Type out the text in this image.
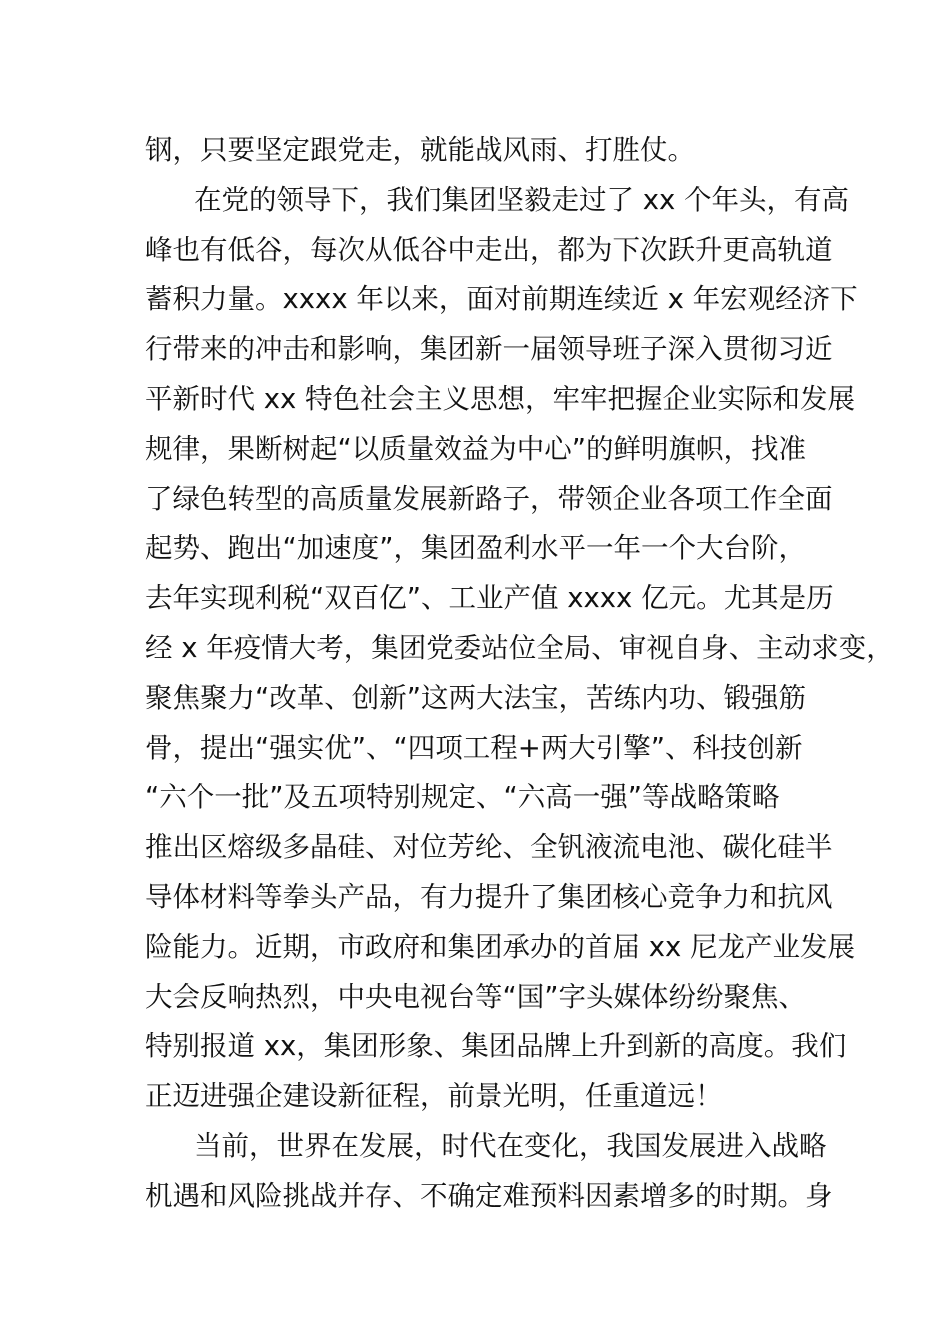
钢，只要坚定跟党走，就能战风雨、打胜仗。
在党的领导下，我们集团坚毅走过了 xx 个年头，有高
峰也有低谷，每次从低谷中走出，都为下次跃升更高轨道
蓄积力量。xxxx 年以来，面对前期连续近 x 年宏观经济下
行带来的冲击和影响，集团新一届领导班子深入贯彻习近
平新时代 xx 特色社会主义思想，牢牢把握企业实际和发展
规律，果断树起“以质量效益为中心”的鲜明旗帜，找准
了绿色转型的高质量发展新路子，带领企业各项工作全面
起势、跑出“加速度”，集团盈利水平一年一个大台阶，
去年实现利税“双百亿”、工业产值 xxxx 亿元。尤其是历
经 x 年疫情大考，集团党委站位全局、审视自身、主动求变，
聚焦聚力“改革、创新”这两大法宝，苦练内功、锻强筋
骨，提出“强实优”、“四项工程+两大引擎”、科技创新
“六个一批”及五项特别规定、“六高一强”等战略策略
推出区熔级多晶硅、对位芳纶、全钒液流电池、碳化硅半
导体材料等拳头产品，有力提升了集团核心竞争力和抗风
险能力。近期，市政府和集团承办的首届 xx 尼龙产业发展
大会反响热烈，中央电视台等“国”字头媒体纷纷聚焦、
特别报道 xx，集团形象、集团品牌上升到新的高度。我们
正迈进强企建设新征程，前景光明，任重道远！
当前，世界在发展，时代在变化，我国发展进入战略
机遇和风险挑战并存、不确定难预料因素增多的时期。身
